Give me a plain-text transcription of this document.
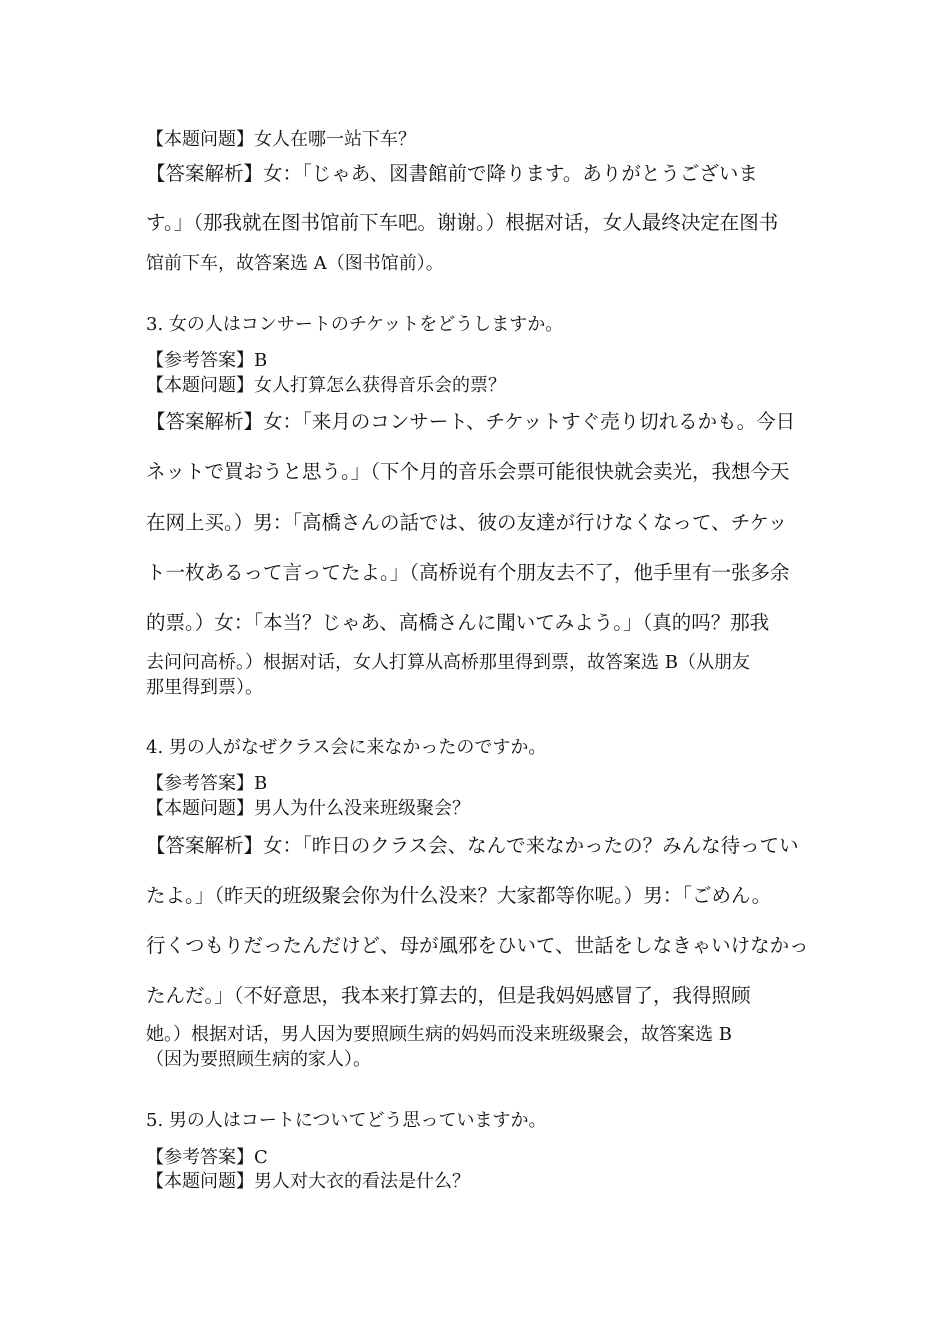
【本题问题】女人在哪一站下车？
【答案解析】女：「じゃあ、図書館前で降ります。ありがとうございま
す。」（那我就在图书馆前下车吧。谢谢。）根据对话，女人最终决定在图书
馆前下车，故答案选 A（图书馆前）。
3. 女の人はコンサートのチケットをどうしますか。
【参考答案】B
【本题问题】女人打算怎么获得音乐会的票？
【答案解析】女：「来月のコンサート、チケットすぐ売り切れるかも。今日
ネットで買おうと思う。」（下个月的音乐会票可能很快就会卖光，我想今天
在网上买。）男：「高橋さんの話では、彼の友達が行けなくなって、チケッ
ト一枚あるって言ってたよ。」（高桥说有个朋友去不了，他手里有一张多余
的票。）女：「本当？じゃあ、高橋さんに聞いてみよう。」（真的吗？那我
去问问高桥。）根据对话，女人打算从高桥那里得到票，故答案选 B（从朋友
那里得到票）。
4. 男の人がなぜクラス会に来なかったのですか。
【参考答案】B
【本题问题】男人为什么没来班级聚会？
【答案解析】女：「昨日のクラス会、なんで来なかったの？みんな待ってい
たよ。」（昨天的班级聚会你为什么没来？大家都等你呢。）男：「ごめん。
行くつもりだったんだけど、母が風邪をひいて、世話をしなきゃいけなかっ
たんだ。」（不好意思，我本来打算去的，但是我妈妈感冒了，我得照顾
她。）根据对话，男人因为要照顾生病的妈妈而没来班级聚会，故答案选 B
（因为要照顾生病的家人）。
5. 男の人はコートについてどう思っていますか。
【参考答案】C
【本题问题】男人对大衣的看法是什么？
